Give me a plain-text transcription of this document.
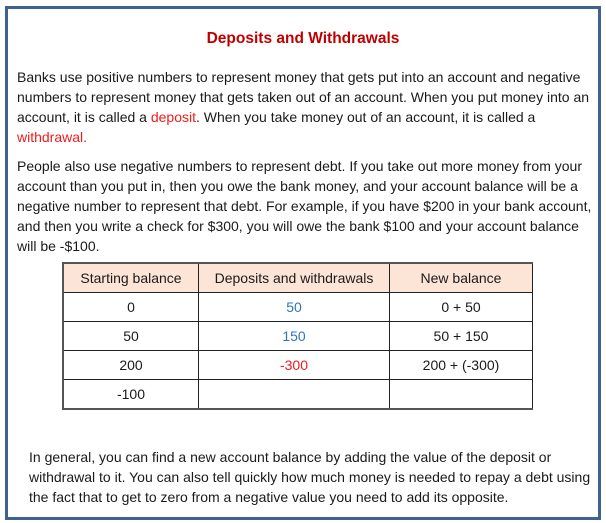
Deposits and Withdrawals
Banks use positive numbers to represent money that gets put into an account and negative numbers to represent money that gets taken out of an account. When you put money into an account, it is called a deposit. When you take money out of an account, it is called a withdrawal.
People also use negative numbers to represent debt. If you take out more money from your account than you put in, then you owe the bank money, and your account balance will be a negative number to represent that debt. For example, if you have $200 in your bank account, and then you write a check for $300, you will owe the bank $100 and your account balance will be -$100.
In general, you can find a new account balance by adding the value of the deposit or withdrawal to it. You can also tell quickly how much money is needed to repay a debt using the fact that to get to zero from a negative value you need to add its opposite.
Starting balance	Deposits and withdrawals	New balance
0	50	0 + 50
50	150	50 + 150
200	-300	200 + (-300)
-100		
